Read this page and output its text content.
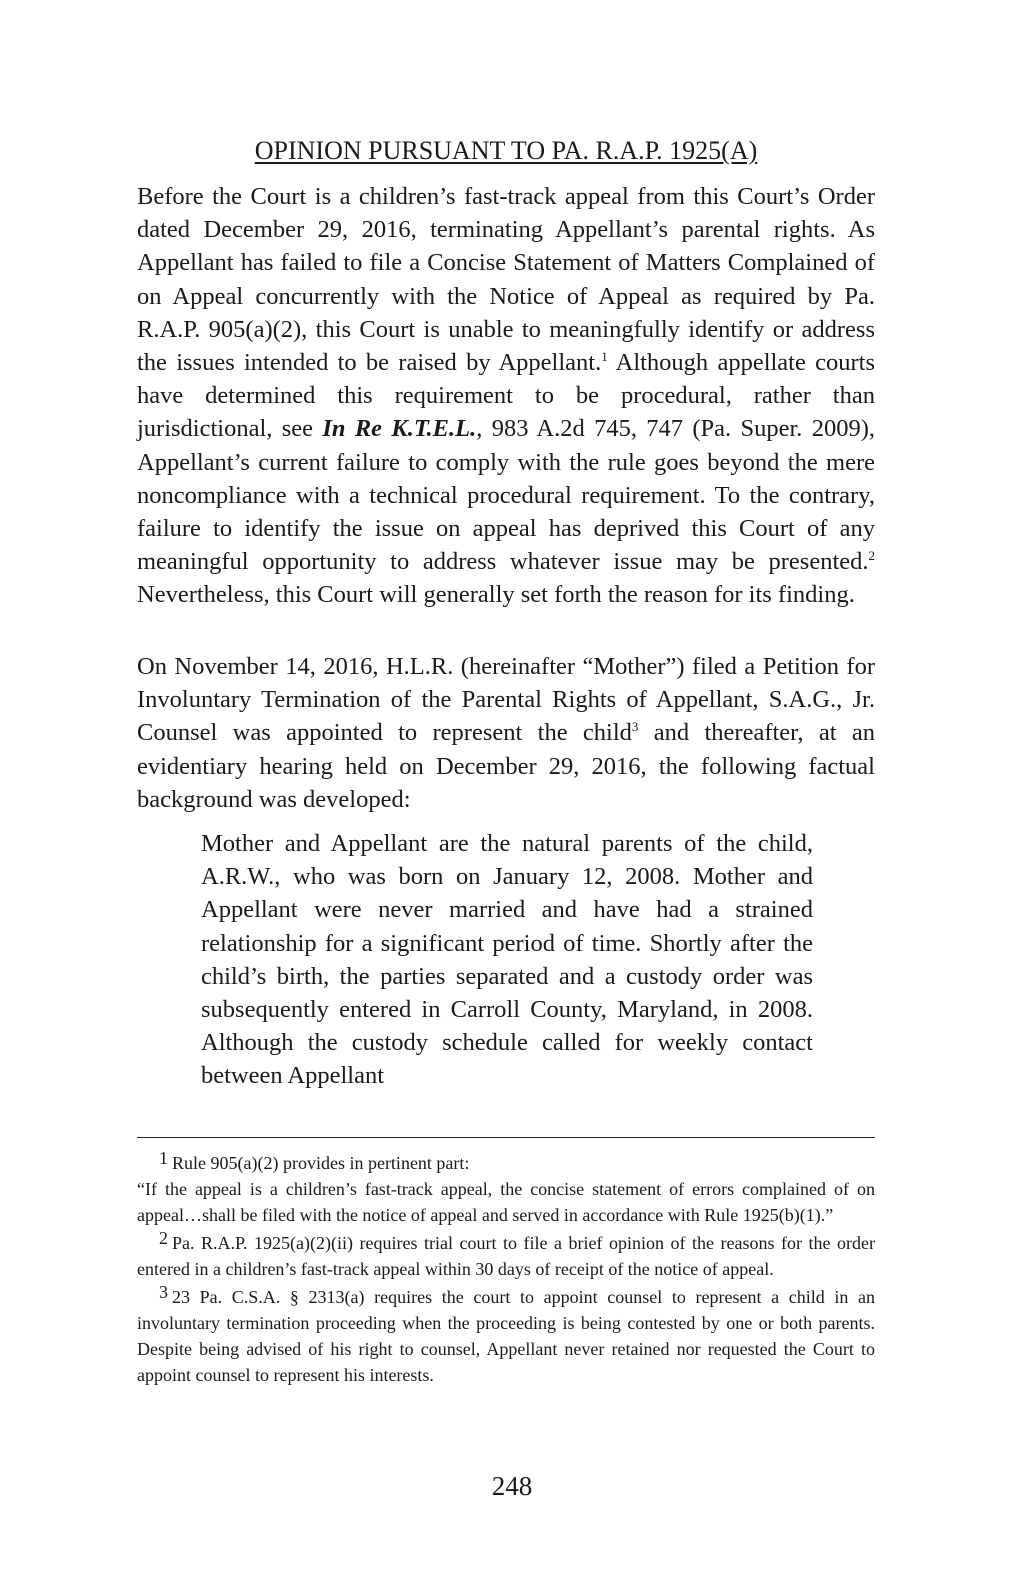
OPINION PURSUANT TO PA. R.A.P. 1925(A)

Before the Court is a children’s fast-track appeal from this Court’s Order dated December 29, 2016, terminating Appellant’s parental rights. As Appellant has failed to file a Concise Statement of Matters Complained of on Appeal concurrently with the Notice of Appeal as required by Pa. R.A.P. 905(a)(2), this Court is unable to meaningfully identify or address the issues intended to be raised by Appellant.$^1$ Although appellate courts have determined this requirement to be procedural, rather than jurisdictional, see In Re K.T.E.L., 983 A.2d 745, 747 (Pa. Super. 2009), Appellant’s current failure to comply with the rule goes beyond the mere noncompliance with a technical procedural requirement. To the contrary, failure to identify the issue on appeal has deprived this Court of any meaningful opportunity to address whatever issue may be presented.$^2$ Nevertheless, this Court will generally set forth the reason for its finding.

On November 14, 2016, H.L.R. (hereinafter “Mother”) filed a Petition for Involuntary Termination of the Parental Rights of Appellant, S.A.G., Jr. Counsel was appointed to represent the child$^3$ and thereafter, at an evidentiary hearing held on December 29, 2016, the following factual background was developed:

Mother and Appellant are the natural parents of the child, A.R.W., who was born on January 12, 2008. Mother and Appellant were never married and have had a strained relationship for a significant period of time. Shortly after the child’s birth, the parties separated and a custody order was subsequently entered in Carroll County, Maryland, in 2008. Although the custody schedule called for weekly contact between Appellant
1 Rule 905(a)(2) provides in pertinent part:
“If the appeal is a children’s fast-track appeal, the concise statement of errors complained of on appeal…shall be filed with the notice of appeal and served in accordance with Rule 1925(b)(1).”
2 Pa. R.A.P. 1925(a)(2)(ii) requires trial court to file a brief opinion of the reasons for the order entered in a children’s fast-track appeal within 30 days of receipt of the notice of appeal.
3 23 Pa. C.S.A. § 2313(a) requires the court to appoint counsel to represent a child in an involuntary termination proceeding when the proceeding is being contested by one or both parents. Despite being advised of his right to counsel, Appellant never retained nor requested the Court to appoint counsel to represent his interests.
248
